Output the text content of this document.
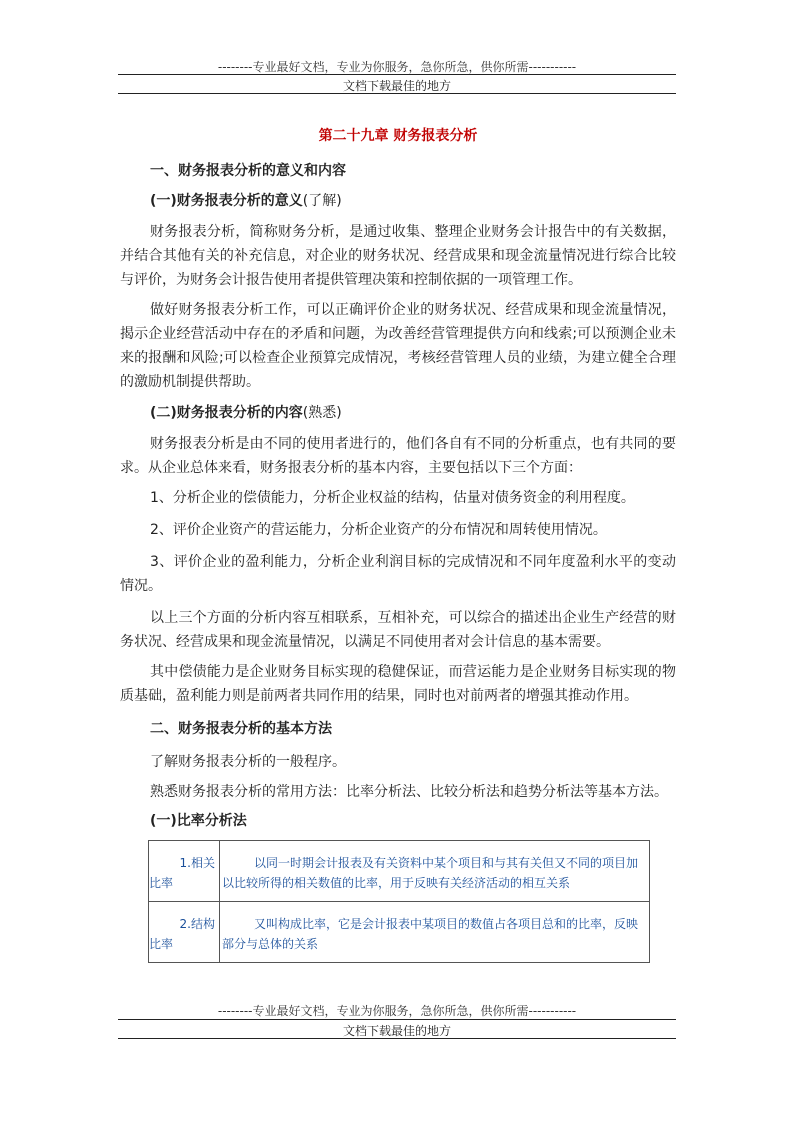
--------专业最好文档，专业为你服务，急你所急，供你所需-----------
文档下载最佳的地方
第二十九章 财务报表分析
一、财务报表分析的意义和内容
(一)财务报表分析的意义(了解)
财务报表分析，简称财务分析，是通过收集、整理企业财务会计报告中的有关数据，并结合其他有关的补充信息，对企业的财务状况、经营成果和现金流量情况进行综合比较与评价，为财务会计报告使用者提供管理决策和控制依据的一项管理工作。
做好财务报表分析工作，可以正确评价企业的财务状况、经营成果和现金流量情况，揭示企业经营活动中存在的矛盾和问题，为改善经营管理提供方向和线索;可以预测企业未来的报酬和风险;可以检查企业预算完成情况，考核经营管理人员的业绩，为建立健全合理的激励机制提供帮助。
(二)财务报表分析的内容(熟悉)
财务报表分析是由不同的使用者进行的，他们各自有不同的分析重点，也有共同的要求。从企业总体来看，财务报表分析的基本内容，主要包括以下三个方面：
1、分析企业的偿债能力，分析企业权益的结构，估量对债务资金的利用程度。
2、评价企业资产的营运能力，分析企业资产的分布情况和周转使用情况。
3、评价企业的盈利能力，分析企业利润目标的完成情况和不同年度盈利水平的变动情况。
以上三个方面的分析内容互相联系，互相补充，可以综合的描述出企业生产经营的财务状况、经营成果和现金流量情况，以满足不同使用者对会计信息的基本需要。
其中偿债能力是企业财务目标实现的稳健保证，而营运能力是企业财务目标实现的物质基础，盈利能力则是前两者共同作用的结果，同时也对前两者的增强其推动作用。
二、财务报表分析的基本方法
了解财务报表分析的一般程序。
熟悉财务报表分析的常用方法：比率分析法、比较分析法和趋势分析法等基本方法。
(一)比率分析法
1.相关
比率	以同一时期会计报表及有关资料中某个项目和与其有关但又不同的项目加以比较所得的相关数值的比率，用于反映有关经济活动的相互关系
2.结构
比率	又叫构成比率，它是会计报表中某项目的数值占各项目总和的比率，反映部分与总体的关系
--------专业最好文档，专业为你服务，急你所急，供你所需-----------
文档下载最佳的地方
